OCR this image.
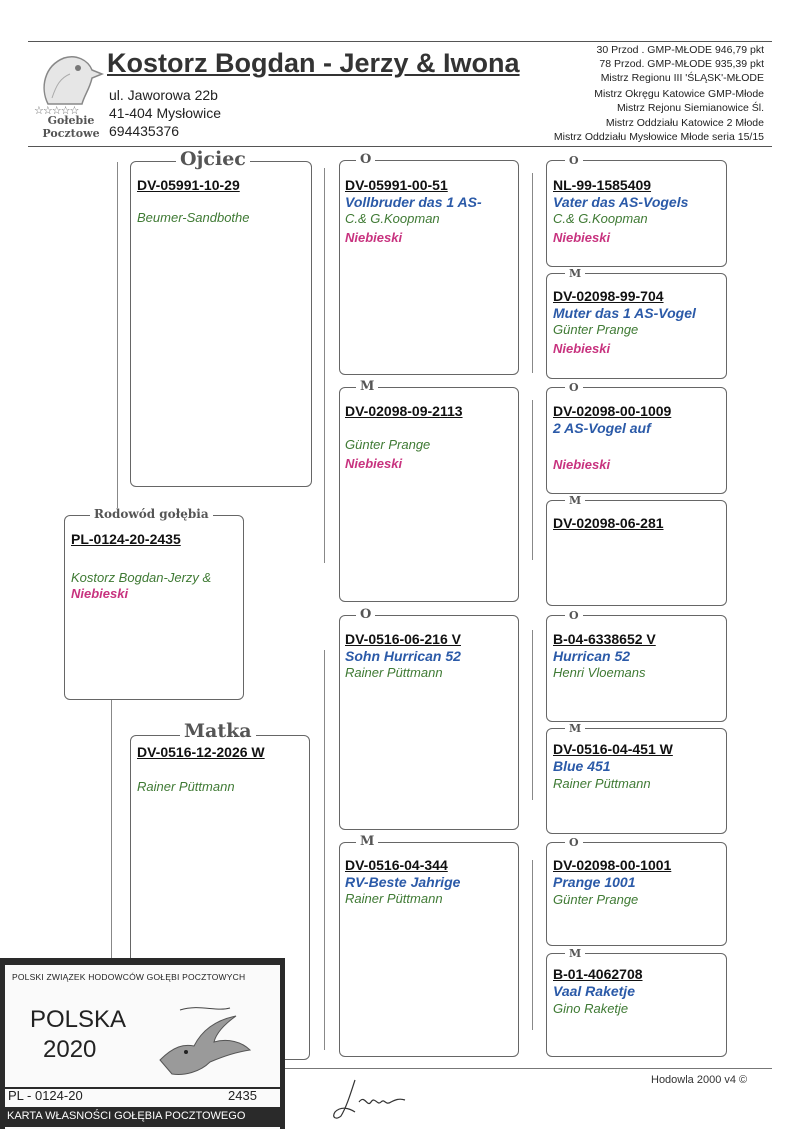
☆☆☆☆☆
Gołebie
Pocztowe
Kostorz Bogdan - Jerzy & Iwona
ul. Jaworowa 22b
41-404 Mysłowice
694435376
30 Przod . GMP-MŁODE 946,79 pkt
78 Przod. GMP-MŁODE 935,39 pkt
Mistrz Regionu III 'ŚLĄSK'-MŁODE
Mistrz Okręgu Katowice GMP-Młode
Mistrz Rejonu Siemianowice Śl.
Mistrz Oddziału Katowice 2 Młode
Mistrz Oddziału Mysłowice Młode seria 15/15
Rodowód gołębia
PL-0124-20-2435
Kostorz Bogdan-Jerzy &
Niebieski
Ojciec
DV-05991-10-29
Beumer-Sandbothe
Matka
DV-0516-12-2026 W
Rainer Püttmann
O
DV-05991-00-51
Vollbruder das 1 AS-
C.& G.Koopman
Niebieski
M
DV-02098-09-2113
Günter Prange
Niebieski
O
DV-0516-06-216 V
Sohn Hurrican 52
Rainer Püttmann
M
DV-0516-04-344
RV-Beste Jahrige
Rainer Püttmann
O
NL-99-1585409
Vater das AS-Vogels
C.& G.Koopman
Niebieski
M
DV-02098-99-704
Muter das 1 AS-Vogel
Günter Prange
Niebieski
O
DV-02098-00-1009
2 AS-Vogel auf
Niebieski
M
DV-02098-06-281
O
B-04-6338652 V
Hurrican 52
Henri Vloemans
M
DV-0516-04-451 W
Blue 451
Rainer Püttmann
O
DV-02098-00-1001
Prange 1001
Günter Prange
M
B-01-4062708
Vaal Raketje
Gino Raketje
Hodowla 2000 v4 ©
POLSKI ZWIĄZEK HODOWCÓW GOŁĘBI POCZTOWYCH
POLSKA
2020
PL - 0124-20	2435
KARTA WŁASNOŚCI GOŁĘBIA POCZTOWEGO
